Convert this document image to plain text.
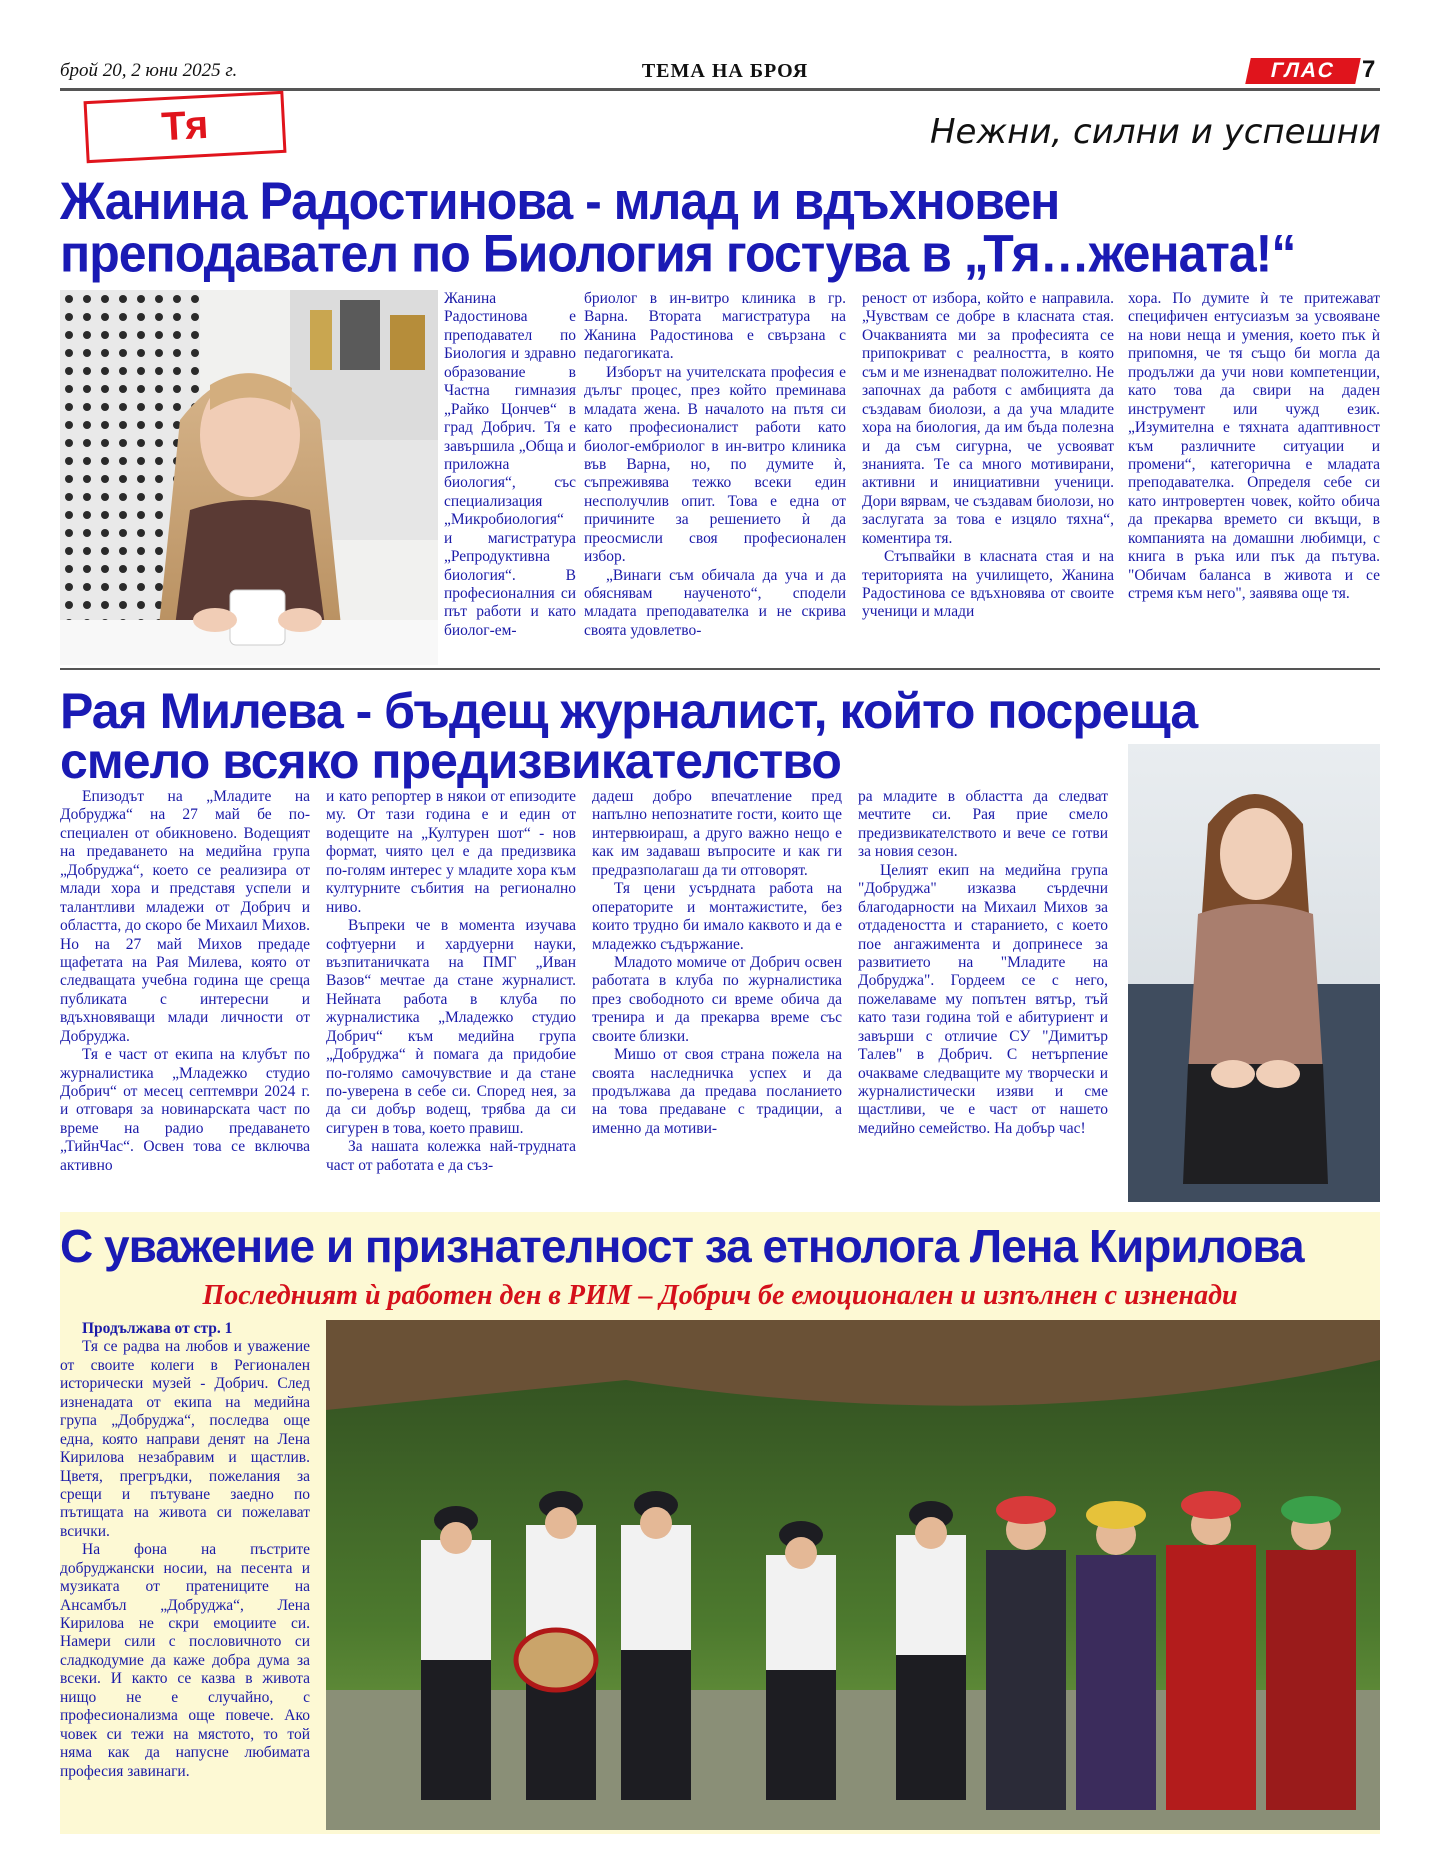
брой 20, 2 юни 2025 г.	ТЕМА НА БРОЯ	ГЛАС	7
Тя	Нежни, силни и успешни
Жанина Радостинова - млад и вдъхновен
преподавател по Биология гостува в „Тя…жената!“

Жанина Радостинова е преподавател по Биология и здравно образование в Частна гимназия „Райко Цончев“ в град Добрич. Тя е завършила „Обща и приложна биология“, със специализация „Микробиология“ и магистратура „Репродуктивна биология“. В професионалния си път работи и като биолог-ем-

бриолог в ин-витро клиника в гр. Варна. Втората магистратура на Жанина Радостинова е свързана с педагогиката.

Изборът на учителската професия е дълъг процес, през който преминава младата жена. В началото на пътя си като професионалист работи като биолог-ембриолог в ин-витро клиника във Варна, но, по думите ѝ, съпреживява тежко всеки един несполучлив опит. Това е една от причините за решението ѝ да преосмисли своя професионален избор.

„Винаги съм обичала да уча и да обяснявам наученото“, сподели младата преподавателка и не скрива своята удовлетво-

реност от избора, който е направила. „Чувствам се добре в класната стая. Очакванията ми за професията се припокриват с реалността, в която съм и ме изненадват положително. Не започнах да работя с амбицията да създавам биолози, а да уча младите хора на биология, да им бъда полезна и да съм сигурна, че усвояват знанията. Те са много мотивирани, активни и инициативни ученици. Дори вярвам, че създавам биолози, но заслугата за това е изцяло тяхна“, коментира тя.

Стъпвайки в класната стая и на територията на училището, Жанина Радостинова се вдъхновява от своите ученици и млади

хора. По думите ѝ те притежават специфичен ентусиазъм за усвояване на нови неща и умения, което пък ѝ припомня, че тя също би могла да продължи да учи нови компетенции, като това да свири на даден инструмент или чужд език. „Изумителна е тяхната адаптивност към различните ситуации и промени“, категорична е младата преподавателка. Определя себе си като интровертен човек, който обича да прекарва времето си вкъщи, в компанията на домашни любимци, с книга в ръка или пък да пътува. "Обичам баланса в живота и се стремя към него", заявява още тя.

Рая Милева - бъдещ журналист, който посреща
смело всяко предизвикателство

Епизодът на „Младите на Добруджа“ на 27 май бе по-специален от обикновено. Водещият на предаването на медийна група „Добруджа“, което се реализира от млади хора и представя успели и талантливи младежи от Добрич и областта, до скоро бе Михаил Михов. Но на 27 май Михов предаде щафетата на Рая Милева, която от следващата учебна година ще среща публиката с интересни и вдъхновяващи млади личности от Добруджа.

Тя е част от екипа на клубът по журналистика „Младежко студио Добрич“ от месец септември 2024 г. и отговаря за новинарската част по време на радио предаването „ТийнЧас“. Освен това се включва активно

и като репортер в някои от епизодите му. От тази година е и един от водещите на „Културен шот“ - нов формат, чиято цел е да предизвика по-голям интерес у младите хора към културните събития на регионално ниво.

Въпреки че в момента изучава софтуерни и хардуерни науки, възпитаничката на ПМГ „Иван Вазов“ мечтае да стане журналист. Нейната работа в клуба по журналистика „Младежко студио Добрич“ към медийна група „Добруджа“ ѝ помага да придобие по-голямо самочувствие и да стане по-уверена в себе си. Според нея, за да си добър водещ, трябва да си сигурен в това, което правиш.

За нашата колежка най-трудната част от работата е да съз-

дадеш добро впечатление пред напълно непознатите гости, които ще интервюираш, а друго важно нещо е как им задаваш въпросите и как ги предразполагаш да ти отговорят.

Тя цени усърдната работа на операторите и монтажистите, без които трудно би имало каквото и да е младежко съдържание.

Младото момиче от Добрич освен работата в клуба по журналистика през свободното си време обича да тренира и да прекарва време със своите близки.

Мишо от своя страна пожела на своята наследничка успех и да продължава да предава посланието на това предаване с традиции, а именно да мотиви-

ра младите в областта да следват мечтите си. Рая прие смело предизвикателството и вече се готви за новия сезон.

Целият екип на медийна група "Добруджа" изказва сърдечни благодарности на Михаил Михов за отдадеността и старанието, с което пое ангажимента и допринесе за развитието на "Младите на Добруджа". Гордеем се с него, пожелаваме му попътен вятър, тъй като тази година той е абитуриент и завърши с отличие СУ "Димитър Талев" в Добрич. С нетърпение очакваме следващите му творчески и журналистически изяви и сме щастливи, че е част от нашето медийно семейство. На добър час!

С уважение и признателност за етнолога Лена Кирилова
Последният ѝ работен ден в РИМ – Добрич бе емоционален и изпълнен с изненади

Продължава от стр. 1

Тя се радва на любов и уважение от своите колеги в Регионален исторически музей - Добрич. След изненадата от екипа на медийна група „Добруджа“, последва още една, която направи денят на Лена Кирилова незабравим и щастлив. Цветя, прегръдки, пожелания за срещи и пътуване заедно по пътищата на живота си пожелават всички.

На фона на пъстрите добруджански носии, на песента и музиката от пратениците на Ансамбъл „Добруджа“, Лена Кирилова не скри емоциите си. Намери сили с пословичното си сладкодумие да каже добра дума за всеки. И както се казва в живота нищо не е случайно, с професионализма още повече. Ако човек си тежи на мястото, то той няма как да напусне любимата професия завинаги.
